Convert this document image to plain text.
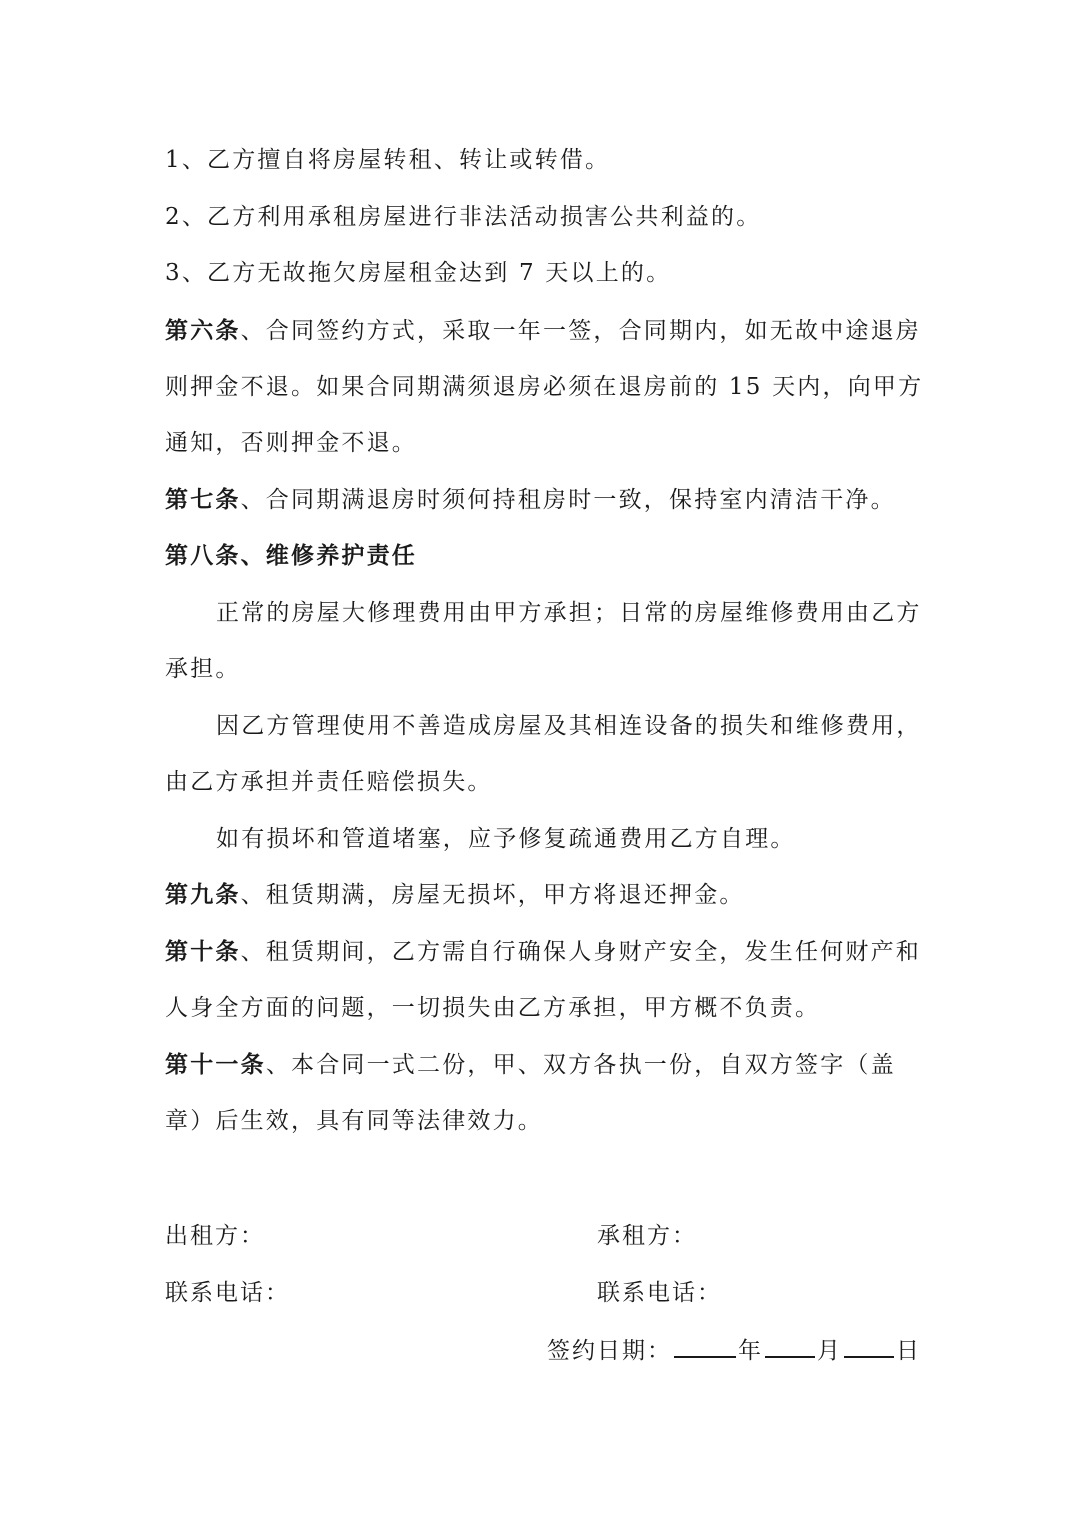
1、乙方擅自将房屋转租、转让或转借。
2、乙方利用承租房屋进行非法活动损害公共利益的。
3、乙方无故拖欠房屋租金达到 7 天以上的。
第六条、合同签约方式，采取一年一签，合同期内，如无故中途退房
则押金不退。如果合同期满须退房必须在退房前的 15 天内，向甲方
通知，否则押金不退。
第七条、合同期满退房时须何持租房时一致，保持室内清洁干净。
第八条、维修养护责任
正常的房屋大修理费用由甲方承担；日常的房屋维修费用由乙方
承担。
因乙方管理使用不善造成房屋及其相连设备的损失和维修费用，
由乙方承担并责任赔偿损失。
如有损坏和管道堵塞，应予修复疏通费用乙方自理。
第九条、租赁期满，房屋无损坏，甲方将退还押金。
第十条、租赁期间，乙方需自行确保人身财产安全，发生任何财产和
人身全方面的问题，一切损失由乙方承担，甲方概不负责。
第十一条、本合同一式二份，甲、双方各执一份，自双方签字（盖
章）后生效，具有同等法律效力。
出租方：	承租方：
联系电话：	联系电话：
签约日期：	年 月 日
